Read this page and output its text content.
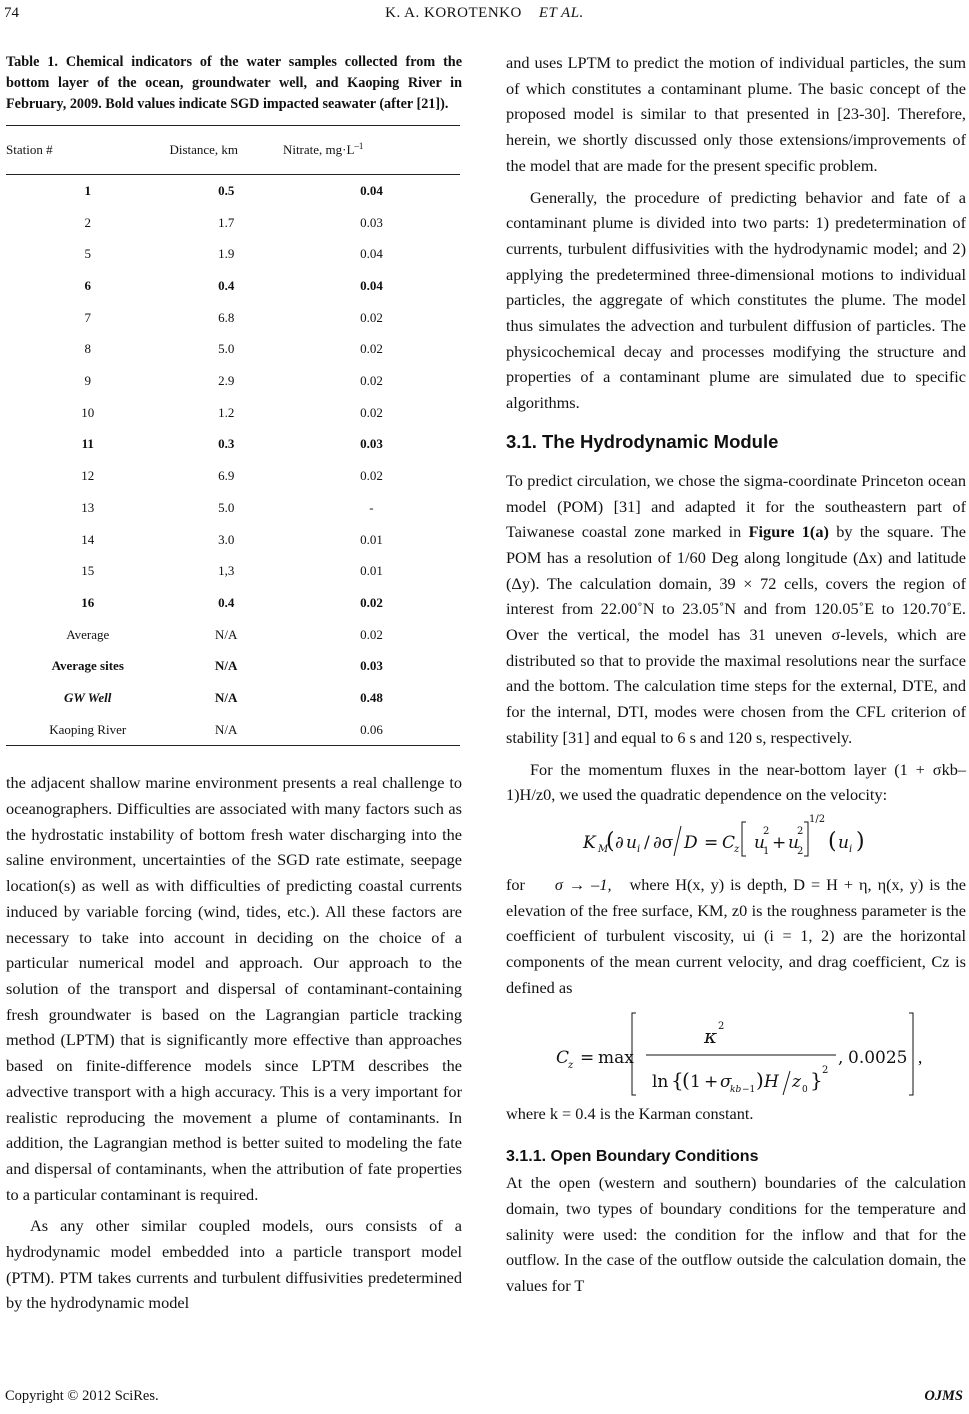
74	K. A. KOROTENKO ET AL.

Table 1. Chemical indicators of the water samples collected from the bottom layer of the ocean, groundwater well, and Kaoping River in February, 2009. Bold values indicate SGD impacted seawater (after [21]).

Station #	Distance, km	Nitrate, $mg\cdot L^{-1}$
1	0.5	0.04
2	1.7	0.03
5	1.9	0.04
6	0.4	0.04
7	6.8	0.02
8	5.0	0.02
9	2.9	0.02
10	1.2	0.02
11	0.3	0.03
12	6.9	0.02
13	5.0	-
14	3.0	0.01
15	1,3	0.01
16	0.4	0.02
Average	N/A	0.02
Average sites	N/A	0.03
GW Well	N/A	0.48
Kaoping River	N/A	0.06

the adjacent shallow marine environment presents a real challenge to oceanographers. Difficulties are associated with many factors such as the hydrostatic instability of bottom fresh water discharging into the saline environment, uncertainties of the SGD rate estimate, seepage location(s) as well as with difficulties of predicting coastal currents induced by variable forcing (wind, tides, etc.). All these factors are necessary to take into account in deciding on the choice of a particular numerical model and approach. Our approach to the solution of the transport and dispersal of contaminant-containing fresh groundwater is based on the Lagrangian particle tracking method (LPTM) that is significantly more effective than approaches based on finite-difference models since LPTM describes the advective transport with a high accuracy. This is a very important for realistic reproducing the movement a plume of contaminants. In addition, the Lagrangian method is better suited to modeling the fate and dispersal of contaminants, when the attribution of fate properties to a particular contaminant is required.

As any other similar coupled models, ours consists of a hydrodynamic model embedded into a particle transport model (PTM). PTM takes currents and turbulent diffusivities predetermined by the hydrodynamic model

and uses LPTM to predict the motion of individual particles, the sum of which constitutes a contaminant plume. The basic concept of the proposed model is similar to that presented in [23-30]. Therefore, herein, we shortly discussed only those extensions/improvements of the model that are made for the present specific problem.

Generally, the procedure of predicting behavior and fate of a contaminant plume is divided into two parts: 1) predetermination of currents, turbulent diffusivities with the hydrodynamic model; and 2) applying the predetermined three-dimensional motions to individual particles, the aggregate of which constitutes the plume. The model thus simulates the advection and turbulent diffusion of particles. The physicochemical decay and processes modifying the structure and properties of a contaminant plume are simulated due to specific algorithms.

3.1. The Hydrodynamic Module

To predict circulation, we chose the sigma-coordinate Princeton ocean model (POM) [31] and adapted it for the southeastern part of Taiwanese coastal zone marked in Figure 1(a) by the square. The POM has a resolution of 1/60 Deg along longitude (Δx) and latitude (Δy). The calculation domain, 39 × 72 cells, covers the region of interest from 22.00˚N to 23.05˚N and from 120.05˚E to 120.70˚E. Over the vertical, the model has 31 uneven σ-levels, which are distributed so that to provide the maximal resolutions near the surface and the bottom. The calculation time steps for the external, DTE, and for the internal, DTI, modes were chosen from the CFL criterion of stability [31] and equal to 6 s and 120 s, respectively.

For the momentum fluxes in the near-bottom layer (1 + σkb–1)H/z0, we used the quadratic dependence on the velocity:

K M
( ∂ u i / ∂σ D = C
z u
2
1 + u
2
2
1/2
( u i )

for σ → –1, where H(x, y) is depth, D = H + η, η(x, y) is the elevation of the free surface, KM, z0 is the roughness parameter is the coefficient of turbulent viscosity, ui (i = 1, 2) are the horizontal components of the mean current velocity, and drag coefficient, Cz is defined as

C
z = max
κ 2
ln {
( 1 + σ
kb −1 ) H z 0 } 2
, 0.0025 ,

where k = 0.4 is the Karman constant.

3.1.1. Open Boundary Conditions

At the open (western and southern) boundaries of the calculation domain, two types of boundary conditions for the temperature and salinity were used: the condition for the inflow and that for the outflow. In the case of the outflow outside the calculation domain, the values for T

Copyright © 2012 SciRes.	OJMS
